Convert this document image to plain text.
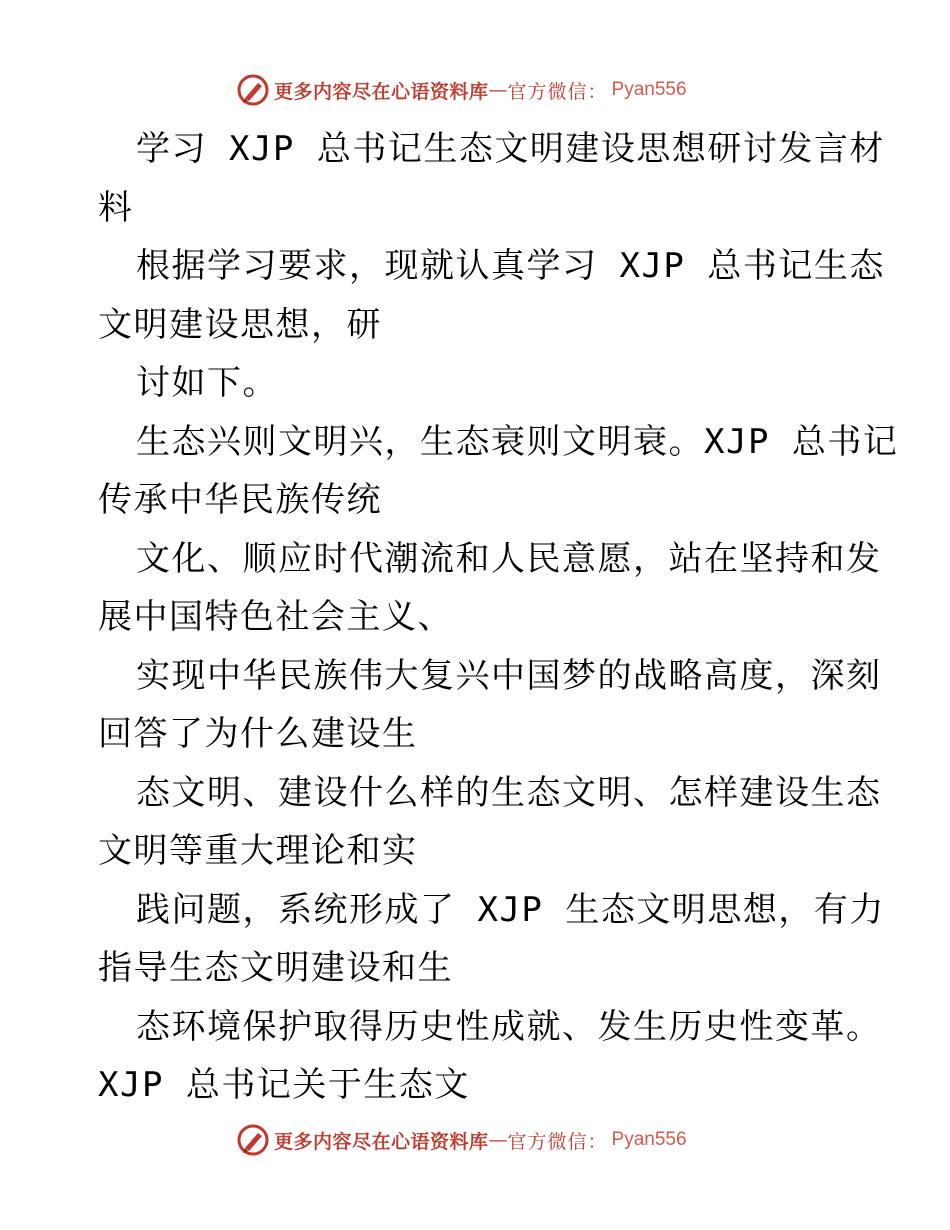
更多内容尽在心语资料库 — 官方微信： Pyan556
学习 XJP 总书记生态文明建设思想研讨发言材
料
根据学习要求，现就认真学习 XJP 总书记生态
文明建设思想，研
讨如下。
生态兴则文明兴，生态衰则文明衰。XJP 总书记
传承中华民族传统
文化、顺应时代潮流和人民意愿，站在坚持和发
展中国特色社会主义、
实现中华民族伟大复兴中国梦的战略高度，深刻
回答了为什么建设生
态文明、建设什么样的生态文明、怎样建设生态
文明等重大理论和实
践问题，系统形成了 XJP 生态文明思想，有力
指导生态文明建设和生
态环境保护取得历史性成就、发生历史性变革。
XJP 总书记关于生态文
更多内容尽在心语资料库 — 官方微信： Pyan556
